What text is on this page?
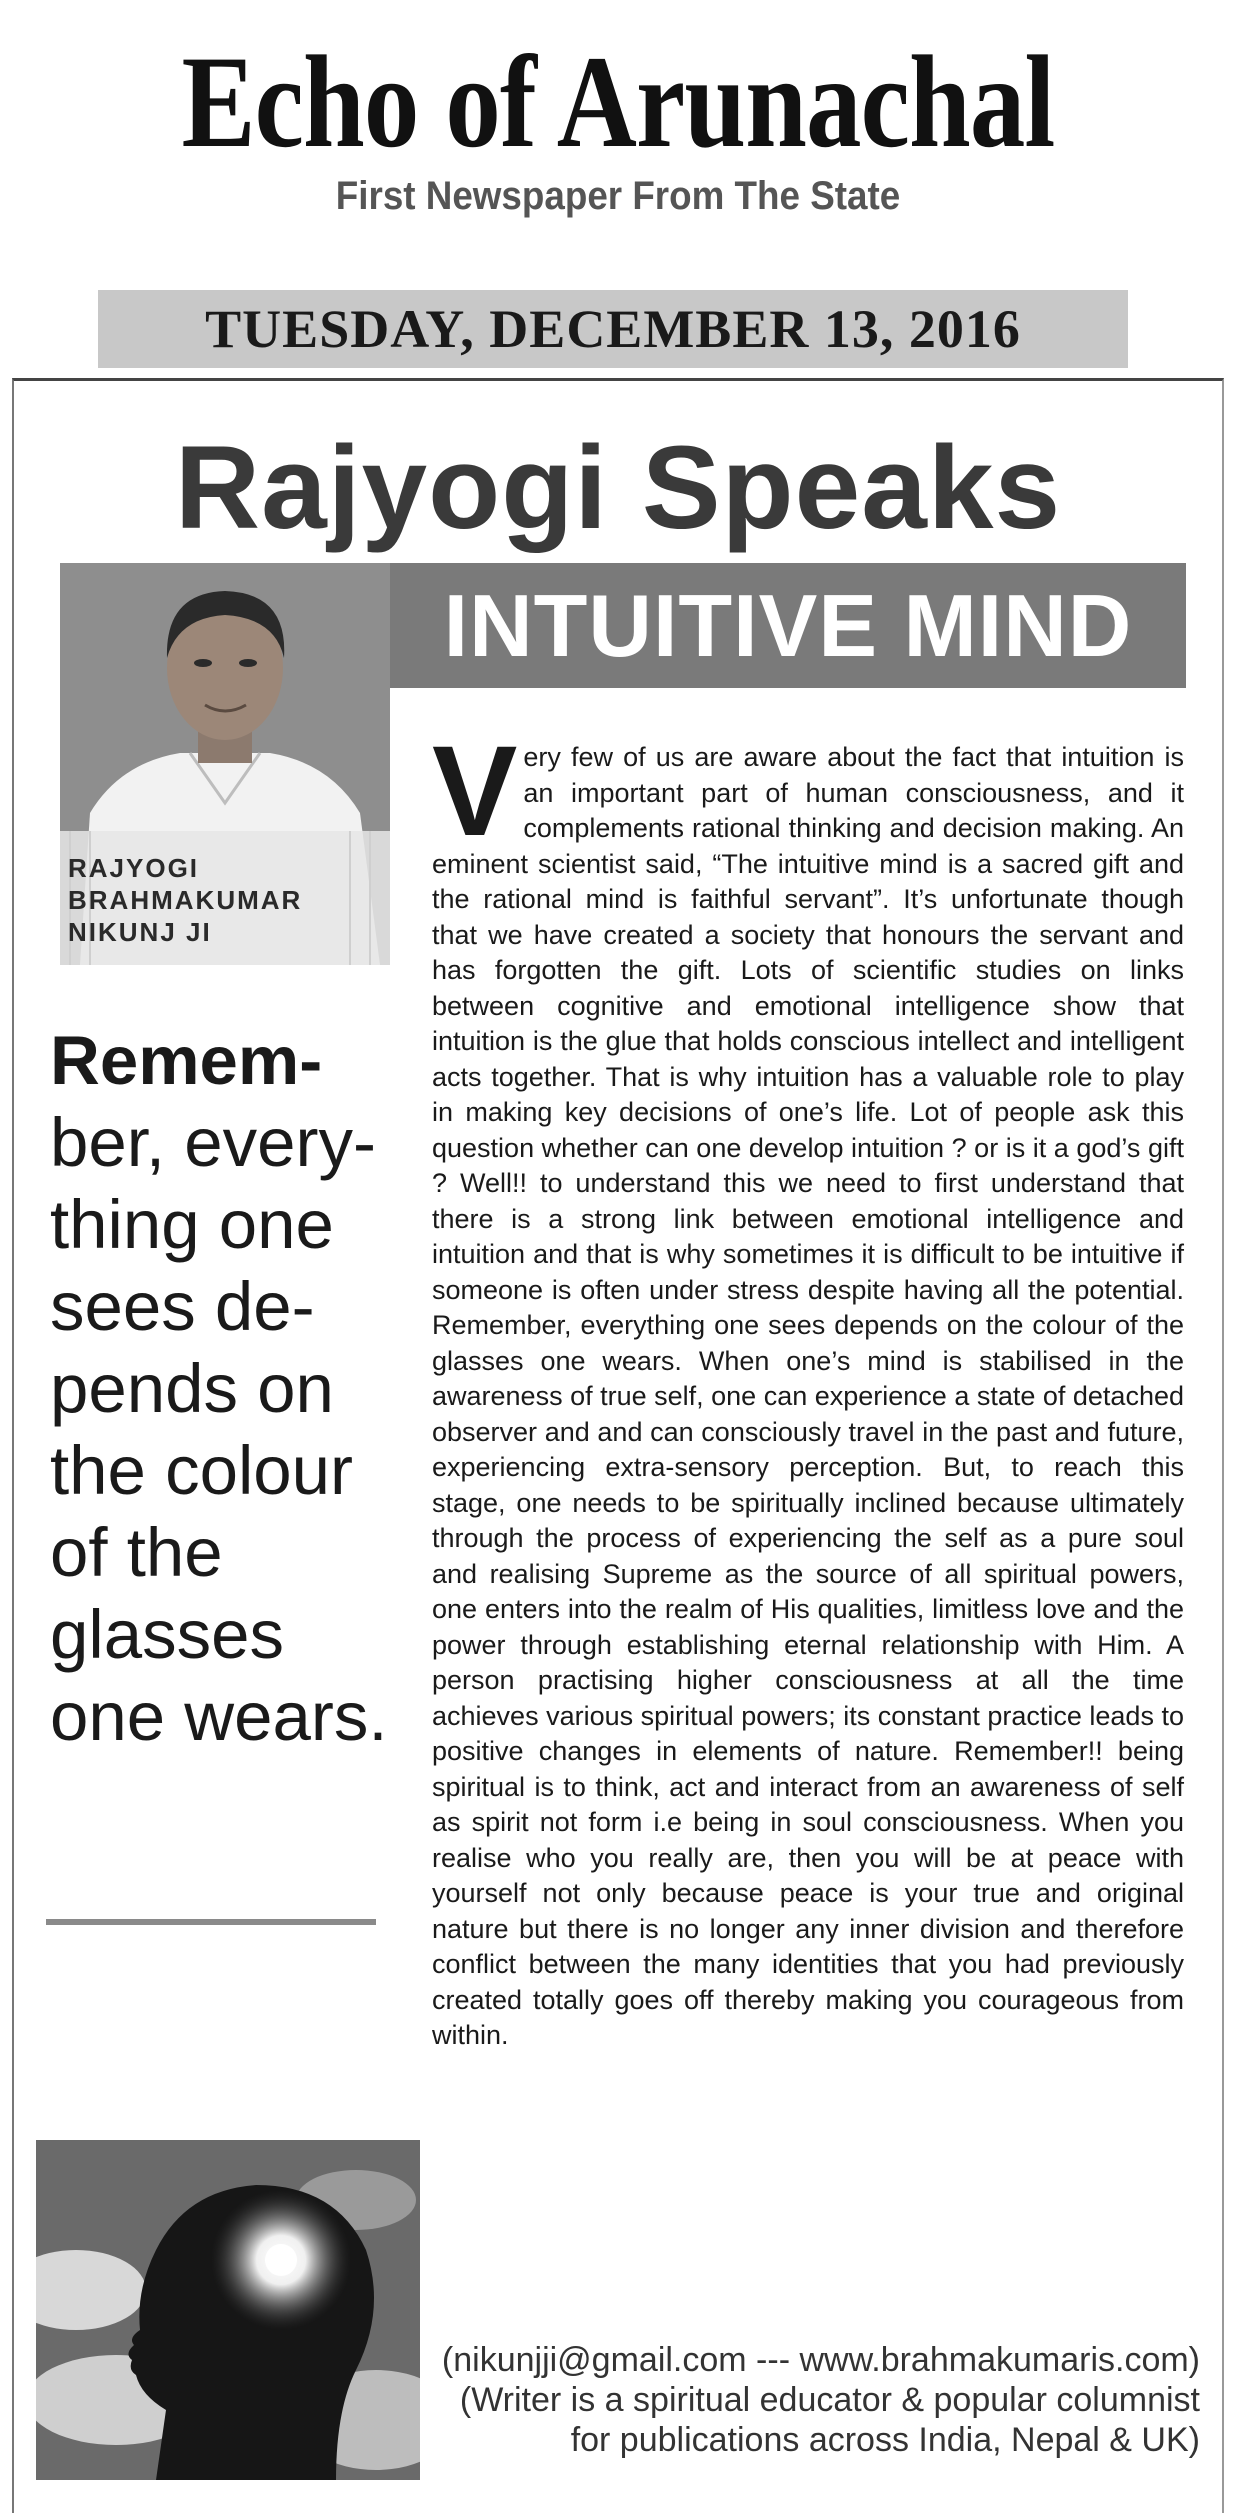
Echo of Arunachal
First Newspaper From The State
TUESDAY, DECEMBER 13, 2016
Rajyogi Speaks
INTUITIVE MIND
RAJYOGI
BRAHMAKUMAR
NIKUNJ JI
Remem-
ber, every-
thing one
sees de-
pends on
the colour
of the
glasses
one wears.
V ery few of us are aware about the fact that intuition is an important part of human consciousness, and it complements rational thinking and decision making. An eminent scientist said, “The intuitive mind is a sacred gift and the rational mind is faithful servant”. It’s unfortunate though that we have created a society that honours the servant and has forgotten the gift. Lots of scientific studies on links between cognitive and emotional intelligence show that intuition is the glue that holds conscious intellect and intelligent acts together. That is why intuition has a valuable role to play in making key decisions of one’s life. Lot of people ask this question whether can one develop intuition ? or is it a god’s gift ? Well!! to understand this we need to first understand that there is a strong link between emotional intelligence and intuition and that is why sometimes it is difficult to be intuitive if someone is often under stress despite having all the potential. Remember, everything one sees depends on the colour of the glasses one wears. When one’s mind is stabilised in the awareness of true self, one can experience a state of detached observer and and can consciously travel in the past and future, experiencing extra-sensory perception. But, to reach this stage, one needs to be spiritually inclined because ultimately through the process of experiencing the self as a pure soul and realising Supreme as the source of all spiritual powers, one enters into the realm of His qualities, limitless love and the power through establishing eternal relationship with Him. A person practising higher consciousness at all the time achieves various spiritual powers; its constant practice leads to positive changes in elements of nature. Remember!! being spiritual is to think, act and interact from an awareness of self as spirit not form i.e being in soul consciousness. When you realise who you really are, then you will be at peace with yourself not only because peace is your true and original nature but there is no longer any inner division and therefore conflict between the many identities that you had previously created totally goes off thereby making you courageous from within.
(nikunjji@gmail.com --- www.brahmakumaris.com)
(Writer is a spiritual educator & popular columnist
for publications across India, Nepal & UK)
